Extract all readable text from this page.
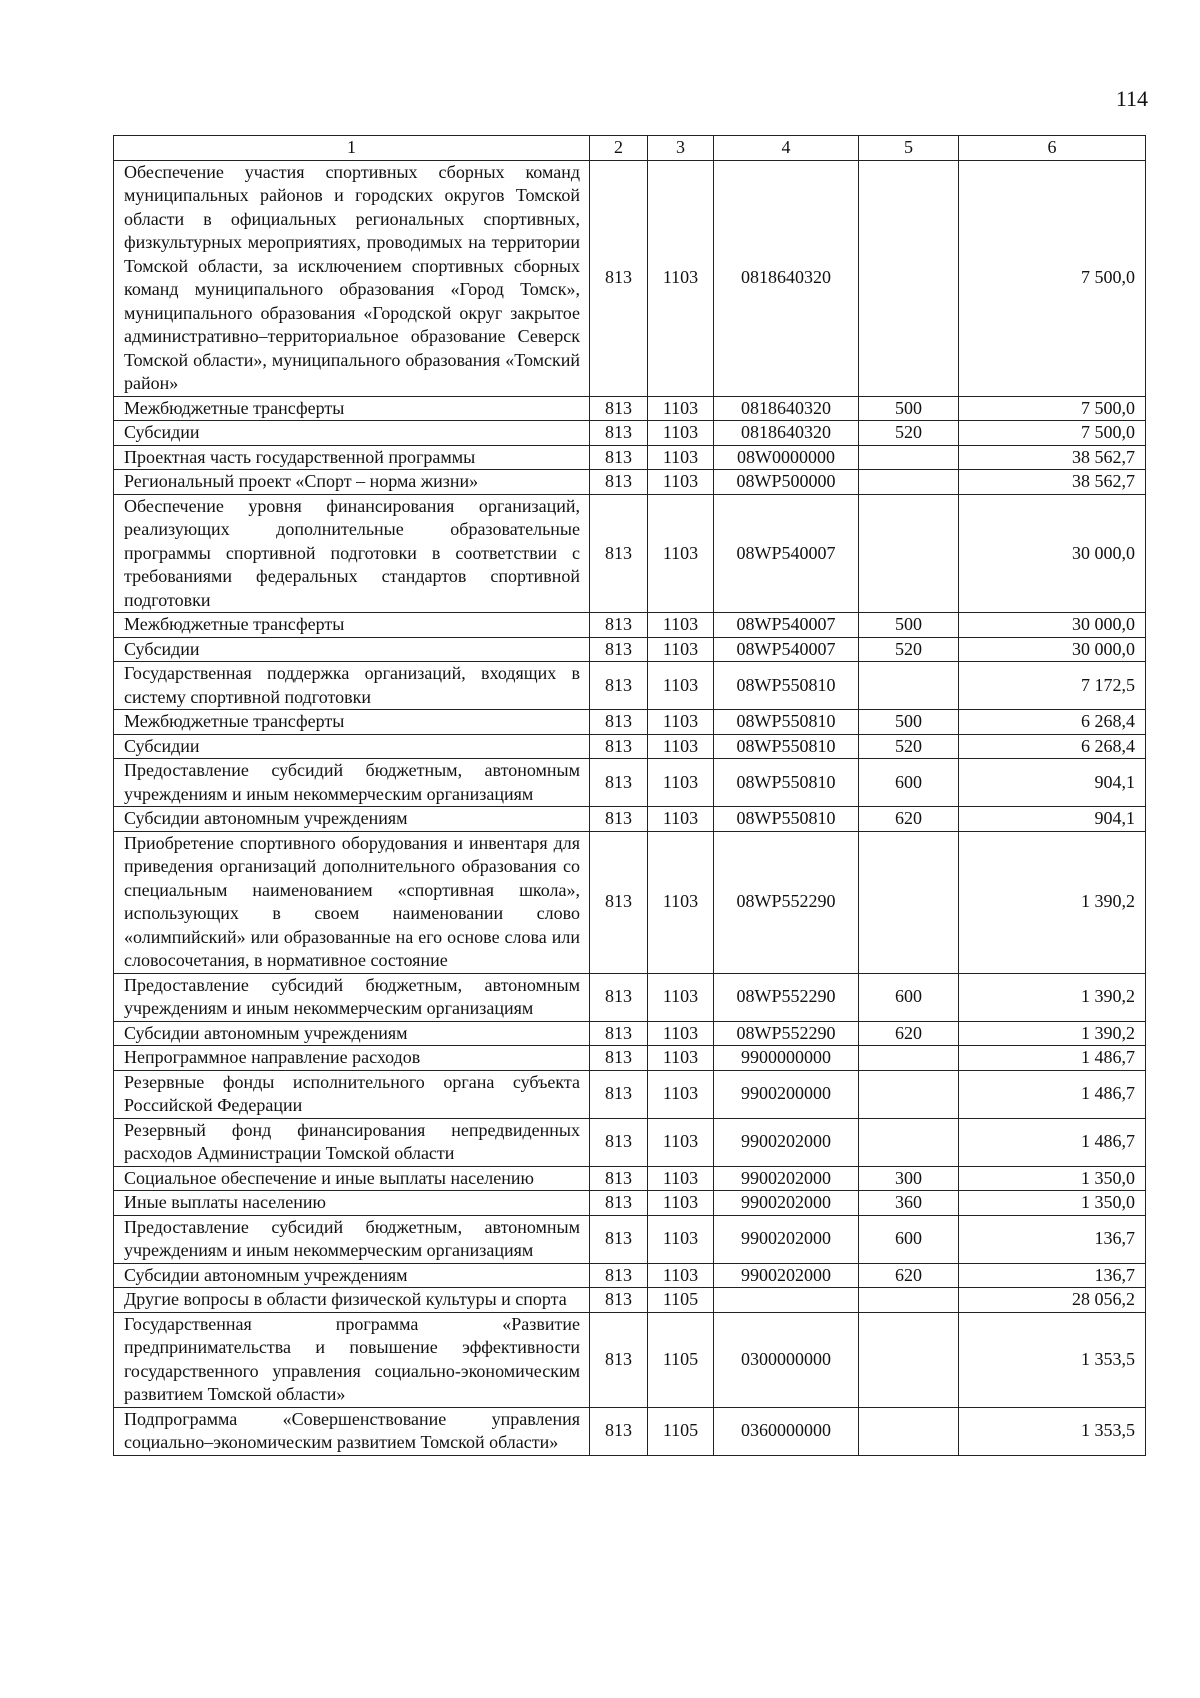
114
1	2	3	4	5	6
Обеспечение участия спортивных сборных команд муниципальных районов и городских округов Томской области в официальных региональных спортивных, физкультурных мероприятиях, проводимых на территории Томской области, за исключением спортивных сборных команд муниципального образования «Город Томск», муниципального образования «Городской округ закрытое административно–территориальное образование Северск Томской области», муниципального образования «Томский район»	813	1103	0818640320		7 500,0
Межбюджетные трансферты	813	1103	0818640320	500	7 500,0
Субсидии	813	1103	0818640320	520	7 500,0
Проектная часть государственной программы	813	1103	08W0000000		38 562,7
Региональный проект «Спорт – норма жизни»	813	1103	08WP500000		38 562,7
Обеспечение уровня финансирования организаций, реализующих дополнительные образовательные программы спортивной подготовки в соответствии с требованиями федеральных стандартов спортивной подготовки	813	1103	08WP540007		30 000,0
Межбюджетные трансферты	813	1103	08WP540007	500	30 000,0
Субсидии	813	1103	08WP540007	520	30 000,0
Государственная поддержка организаций, входящих в систему спортивной подготовки	813	1103	08WP550810		7 172,5
Межбюджетные трансферты	813	1103	08WP550810	500	6 268,4
Субсидии	813	1103	08WP550810	520	6 268,4
Предоставление субсидий бюджетным, автономным учреждениям и иным некоммерческим организациям	813	1103	08WP550810	600	904,1
Субсидии автономным учреждениям	813	1103	08WP550810	620	904,1
Приобретение спортивного оборудования и инвентаря для приведения организаций дополнительного образования со специальным наименованием «спортивная школа», использующих в своем наименовании слово «олимпийский» или образованные на его основе слова или словосочетания, в нормативное состояние	813	1103	08WP552290		1 390,2
Предоставление субсидий бюджетным, автономным учреждениям и иным некоммерческим организациям	813	1103	08WP552290	600	1 390,2
Субсидии автономным учреждениям	813	1103	08WP552290	620	1 390,2
Непрограммное направление расходов	813	1103	9900000000		1 486,7
Резервные фонды исполнительного органа субъекта Российской Федерации	813	1103	9900200000		1 486,7
Резервный фонд финансирования непредвиденных расходов Администрации Томской области	813	1103	9900202000		1 486,7
Социальное обеспечение и иные выплаты населению	813	1103	9900202000	300	1 350,0
Иные выплаты населению	813	1103	9900202000	360	1 350,0
Предоставление субсидий бюджетным, автономным учреждениям и иным некоммерческим организациям	813	1103	9900202000	600	136,7
Субсидии автономным учреждениям	813	1103	9900202000	620	136,7
Другие вопросы в области физической культуры и спорта	813	1105			28 056,2
Государственная программа «Развитие предпринимательства и повышение эффективности государственного управления социально-экономическим развитием Томской области»	813	1105	0300000000		1 353,5
Подпрограмма «Совершенствование управления социально–экономическим развитием Томской области»	813	1105	0360000000		1 353,5
